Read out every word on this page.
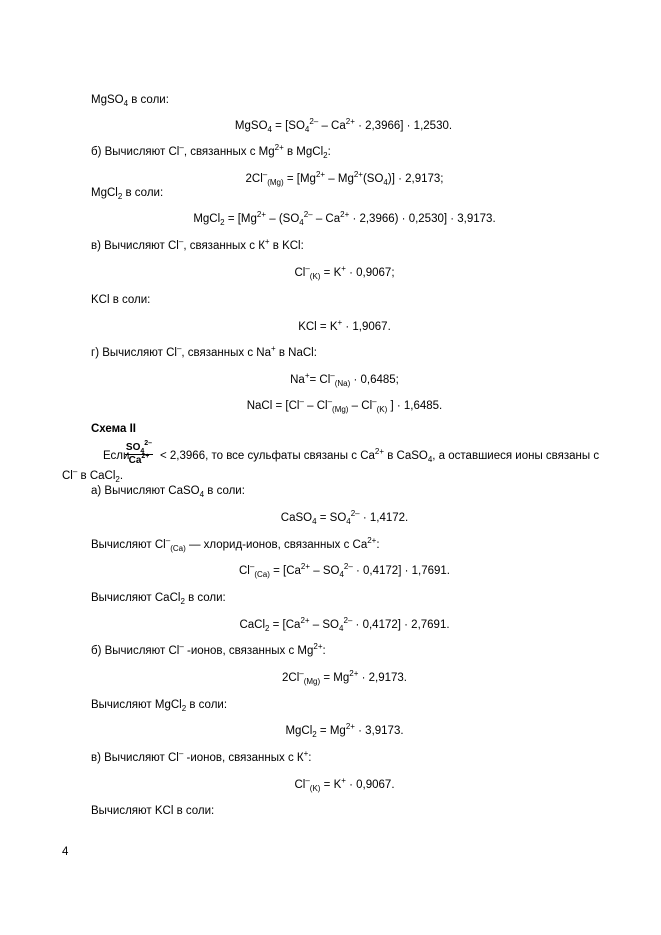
MgSO$_4$ в соли:
MgSO$_4$ = $[SO_4^{2-} - Ca^{2+} \cdot 2,3966] \cdot 1,2530$.
б) Вычисляют Cl–, связанных с $Mg^{2+}$ в MgCl$_2$:
$2Cl^-_{(Mg)} = [Mg^{2+} - Mg^{2+}(SO_4)] \cdot 2,9173$;
MgCl$_2$ в соли:
MgCl$_2$ = $[Mg^{2+} - (SO_4^{2-} - Ca^{2+} \cdot 2,3966) \cdot 0,2530] \cdot 3,9173$.
в) Вычисляют Cl–, связанных с К+ в KCl:
$Cl^-_{(K)} = K^+ \cdot 0,9067$;
KCl в соли:
KCl = K+ · 1,9067.
г) Вычисляют Cl–, связанных с Na+ в NaCl:
$Na^+= Cl^-_{(Na)} \cdot 0,6485$;
NaCl = [$Cl^- - Cl^-_{(Mg)} - Cl^-_{(K)}$ ] · 1,6485.
Схема II
Если
$\frac{SO_4^{2-}}{Ca^{2+}} < 2,3966$, то все сульфаты связаны с $Ca^{2+}$ в CaSO$_4$, а оставшиеся ионы связаны с
Cl– в CaCl$_2$.
а) Вычисляют CaSO$_4$ в соли:
CaSO$_4$ = $SO_4^{2-} \cdot 1,4172$.
Вычисляют $Cl^-_{(Ca)}$ — хлорид-ионов, связанных с $Ca^{2+}$:
$Cl^-_{(Ca)} = [Ca^{2+} - SO_4^{2-} \cdot 0,4172] \cdot 1,7691$.
Вычисляют CaCl$_2$ в соли:
CaCl$_2$ = $[Ca^{2+} - SO_4^{2-} \cdot 0,4172] \cdot 2,7691$.
б) Вычисляют Cl– -ионов, связанных с $Mg^{2+}$:
$2Cl^-_{(Mg)} = Mg^{2+} \cdot 2,9173$.
Вычисляют MgCl$_2$ в соли:
MgCl$_2$ = $Mg^{2+} \cdot 3,9173$.
в) Вычисляют Cl– -ионов, связанных с К+:
$Cl^-_{(K)} = K^+ \cdot 0,9067$.
Вычисляют KCl в соли:
4
